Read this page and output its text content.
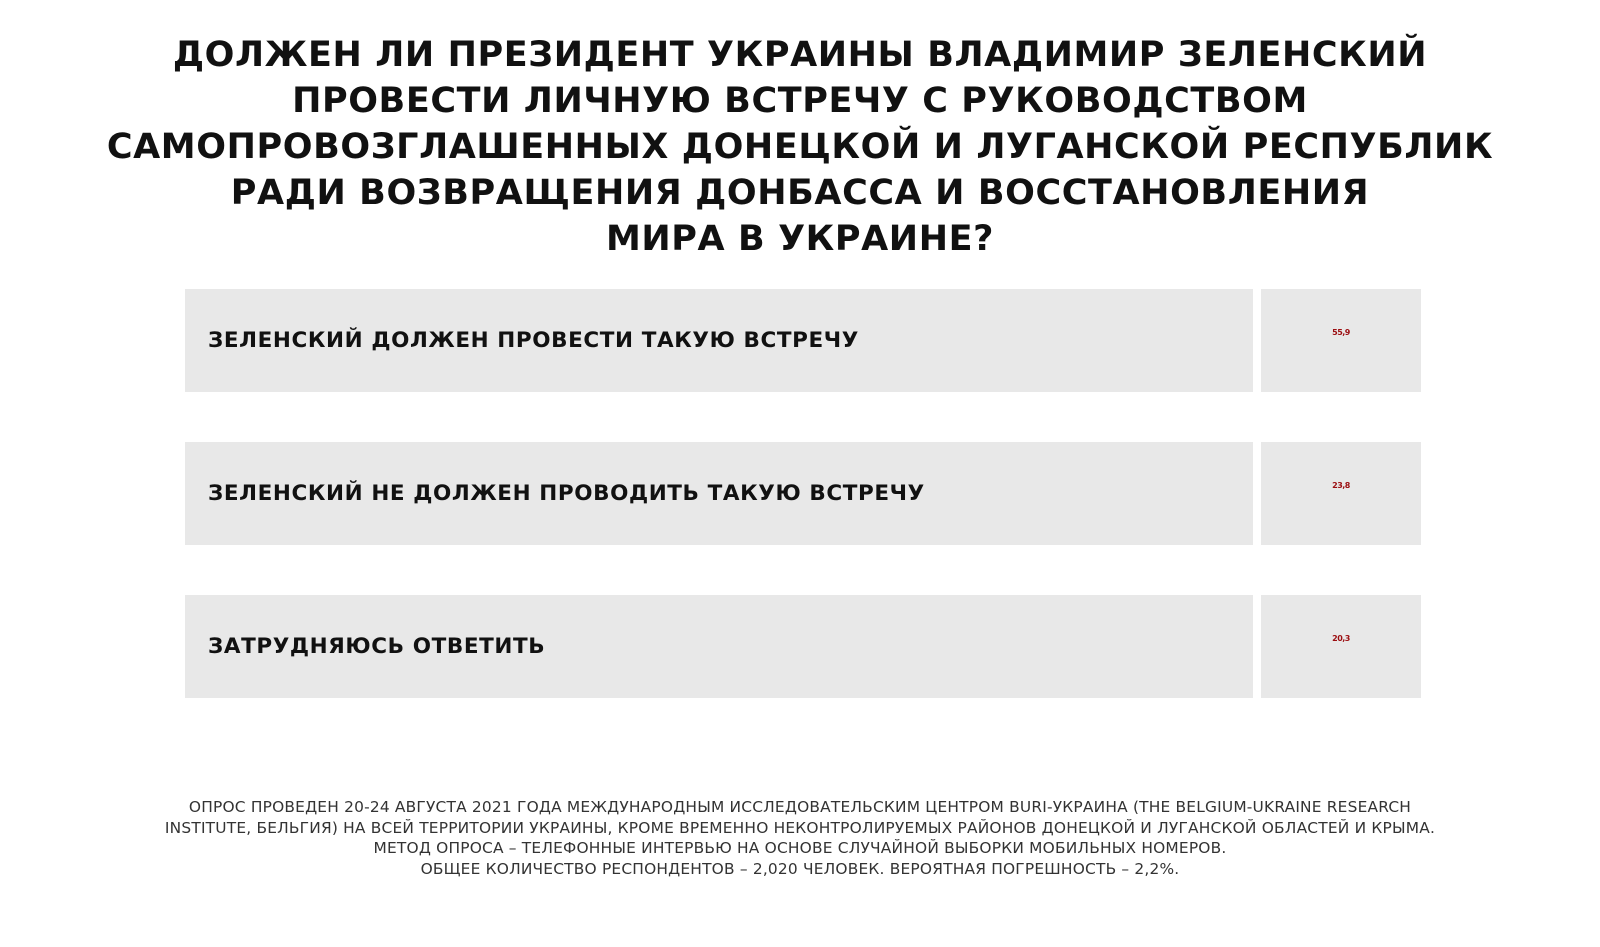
ДОЛЖЕН ЛИ ПРЕЗИДЕНТ УКРАИНЫ ВЛАДИМИР ЗЕЛЕНСКИЙ
ПРОВЕСТИ ЛИЧНУЮ ВСТРЕЧУ С РУКОВОДСТВОМ
САМОПРОВОЗГЛАШЕННЫХ ДОНЕЦКОЙ И ЛУГАНСКОЙ РЕСПУБЛИК
РАДИ ВОЗВРАЩЕНИЯ ДОНБАССА И ВОССТАНОВЛЕНИЯ
МИРА В УКРАИНЕ?
ЗЕЛЕНСКИЙ ДОЛЖЕН ПРОВЕСТИ ТАКУЮ ВСТРЕЧУ	55,9
ЗЕЛЕНСКИЙ НЕ ДОЛЖЕН ПРОВОДИТЬ ТАКУЮ ВСТРЕЧУ	23,8
ЗАТРУДНЯЮСЬ ОТВЕТИТЬ	20,3
ОПРОС ПРОВЕДЕН 20-24 АВГУСТА 2021 ГОДА МЕЖДУНАРОДНЫМ ИССЛЕДОВАТЕЛЬСКИМ ЦЕНТРОМ BURI-УКРАИНА (THE BELGIUM-UKRAINE RESEARCH
INSTITUTE, БЕЛЬГИЯ) НА ВСЕЙ ТЕРРИТОРИИ УКРАИНЫ, КРОМЕ ВРЕМЕННО НЕКОНТРОЛИРУЕМЫХ РАЙОНОВ ДОНЕЦКОЙ И ЛУГАНСКОЙ ОБЛАСТЕЙ И КРЫМА.
МЕТОД ОПРОСА – ТЕЛЕФОННЫЕ ИНТЕРВЬЮ НА ОСНОВЕ СЛУЧАЙНОЙ ВЫБОРКИ МОБИЛЬНЫХ НОМЕРОВ.
ОБЩЕЕ КОЛИЧЕСТВО РЕСПОНДЕНТОВ – 2,020 ЧЕЛОВЕК. ВЕРОЯТНАЯ ПОГРЕШНОСТЬ – 2,2%.
